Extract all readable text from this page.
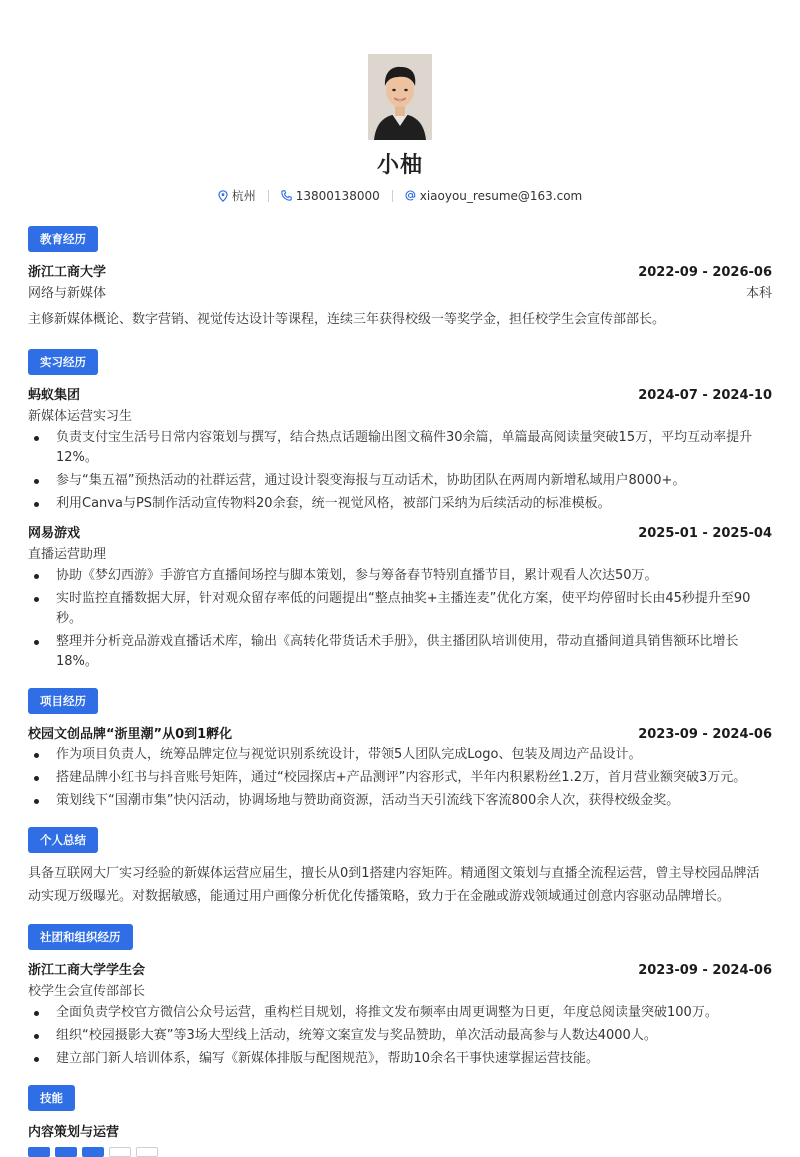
小柚
杭州	13800138000	xiaoyou_resume@163.com
教育经历
浙江工商大学	2022-09 - 2026-06
网络与新媒体	本科
主修新媒体概论、数字营销、视觉传达设计等课程，连续三年获得校级一等奖学金，担任校学生会宣传部部长。
实习经历
蚂蚁集团	2024-07 - 2024-10
新媒体运营实习生
负责支付宝生活号日常内容策划与撰写，结合热点话题输出图文稿件30余篇，单篇最高阅读量突破15万，平均互动率提升12%。
参与“集五福”预热活动的社群运营，通过设计裂变海报与互动话术，协助团队在两周内新增私域用户8000+。
利用Canva与PS制作活动宣传物料20余套，统一视觉风格，被部门采纳为后续活动的标准模板。
网易游戏	2025-01 - 2025-04
直播运营助理
协助《梦幻西游》手游官方直播间场控与脚本策划，参与筹备春节特别直播节目，累计观看人次达50万。
实时监控直播数据大屏，针对观众留存率低的问题提出“整点抽奖+主播连麦”优化方案，使平均停留时长由45秒提升至90秒。
整理并分析竞品游戏直播话术库，输出《高转化带货话术手册》，供主播团队培训使用，带动直播间道具销售额环比增长18%。
项目经历
校园文创品牌“浙里潮”从0到1孵化	2023-09 - 2024-06
作为项目负责人，统筹品牌定位与视觉识别系统设计，带领5人团队完成Logo、包装及周边产品设计。
搭建品牌小红书与抖音账号矩阵，通过“校园探店+产品测评”内容形式，半年内积累粉丝1.2万，首月营业额突破3万元。
策划线下“国潮市集”快闪活动，协调场地与赞助商资源，活动当天引流线下客流800余人次，获得校级金奖。
个人总结
具备互联网大厂实习经验的新媒体运营应届生，擅长从0到1搭建内容矩阵。精通图文策划与直播全流程运营，曾主导校园品牌活动实现万级曝光。对数据敏感，能通过用户画像分析优化传播策略，致力于在金融或游戏领域通过创意内容驱动品牌增长。
社团和组织经历
浙江工商大学学生会	2023-09 - 2024-06
校学生会宣传部部长
全面负责学校官方微信公众号运营，重构栏目规划，将推文发布频率由周更调整为日更，年度总阅读量突破100万。
组织“校园摄影大赛”等3场大型线上活动，统筹文案宣发与奖品赞助，单次活动最高参与人数达4000人。
建立部门新人培训体系，编写《新媒体排版与配图规范》，帮助10余名干事快速掌握运营技能。
技能
内容策划与运营
